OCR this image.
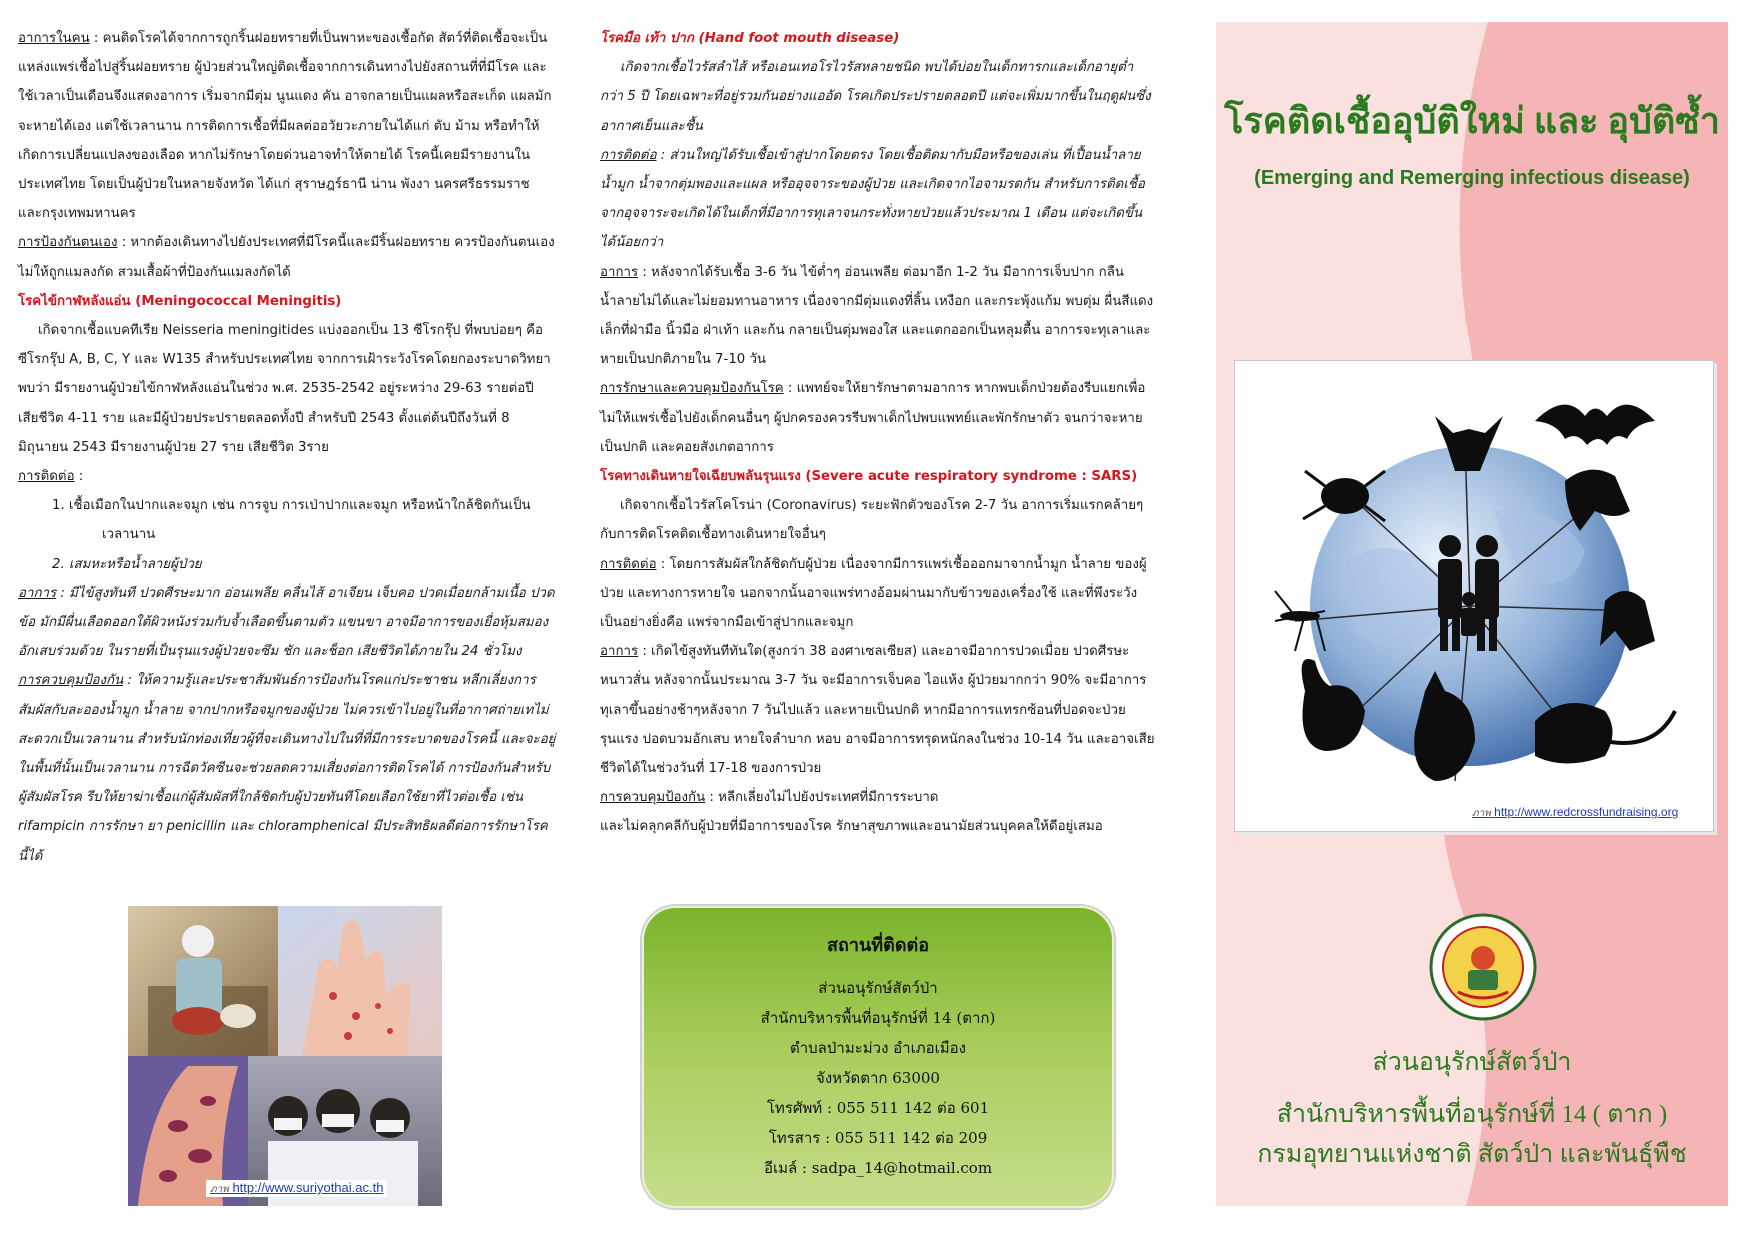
อาการในคน : คนติดโรคได้จากการถูกริ้นฝอยทรายที่เป็นพาหะของเชื้อกัด สัตว์ที่ติดเชื้อจะเป็นแหล่งแพร่เชื้อไปสู่ริ้นฝอยทราย ผู้ป่วยส่วนใหญ่ติดเชื้อจากการเดินทางไปยังสถานที่ที่มีโรค และใช้เวลาเป็นเดือนจึงแสดงอาการ เริ่มจากมีตุ่ม นูนแดง คัน อาจกลายเป็นแผลหรือสะเก็ด แผลมักจะหายได้เอง แต่ใช้เวลานาน การติดการเชื้อที่มีผลต่ออวัยวะภายในได้แก่ ตับ ม้าม หรือทำให้เกิดการเปลี่ยนแปลงของเลือด หากไม่รักษาโดยด่วนอาจทำให้ตายได้ โรคนี้เคยมีรายงานในประเทศไทย โดยเป็นผู้ป่วยในหลายจังหวัด ได้แก่ สุราษฎร์ธานี น่าน พังงา นครศรีธรรมราช และกรุงเทพมหานคร

การป้องกันตนเอง : หากต้องเดินทางไปยังประเทศที่มีโรคนี้และมีริ้นฝอยทราย ควรป้องกันตนเองไม่ให้ถูกแมลงกัด สวมเสื้อผ้าที่ป้องกันแมลงกัดได้

โรคไข้กาฬหลังแอ่น (Meningococcal Meningitis)

เกิดจากเชื้อแบคทีเรีย Neisseria meningitides แบ่งออกเป็น 13 ซีโรกรุ๊ป ที่พบบ่อยๆ คือ ซีโรกรุ๊ป A, B, C, Y และ W135 สำหรับประเทศไทย จากการเฝ้าระวังโรคโดยกองระบาดวิทยาพบว่า มีรายงานผู้ป่วยไข้กาฬหลังแอ่นในช่วง พ.ศ. 2535-2542 อยู่ระหว่าง 29-63 รายต่อปี เสียชีวิต 4-11 ราย และมีผู้ป่วยประปรายตลอดทั้งปี สำหรับปี 2543 ตั้งแต่ต้นปีถึงวันที่ 8 มิถุนายน 2543 มีรายงานผู้ป่วย 27 ราย เสียชีวิต 3ราย

การติดต่อ :

1. เชื้อเมือกในปากและจมูก เช่น การจูบ การเป่าปากและจมูก หรือหน้าใกล้ชิดกันเป็น

เวลานาน

2. เสมหะหรือน้ำลายผู้ป่วย

อาการ : มีไข้สูงทันที ปวดศีรษะมาก อ่อนเพลีย คลื่นไส้ อาเจียน เจ็บคอ ปวดเมื่อยกล้ามเนื้อ ปวดข้อ มักมีผื่นเลือดออกใต้ผิวหนังร่วมกับจ้ำเลือดขึ้นตามตัว แขนขา อาจมีอาการของเยื่อหุ้มสมองอักเสบร่วมด้วย ในรายที่เป็นรุนแรงผู้ป่วยจะซึม ชัก และช็อก เสียชีวิตได้ภายใน 24 ชั่วโมง

การควบคุมป้องกัน : ให้ความรู้และประชาสัมพันธ์การป้องกันโรคแก่ประชาชน หลีกเลี่ยงการสัมผัสกับละอองน้ำมูก น้ำลาย จากปากหรือจมูกของผู้ป่วย ไม่ควรเข้าไปอยู่ในที่อากาศถ่ายเทไม่สะดวกเป็นเวลานาน สำหรับนักท่องเที่ยวผู้ที่จะเดินทางไปในที่ที่มีการระบาดของโรคนี้ และจะอยู่ในพื้นที่นั้นเป็นเวลานาน การฉีดวัคซีนจะช่วยลดความเสี่ยงต่อการติดโรคได้ การป้องกันสำหรับผู้สัมผัสโรค รีบให้ยาฆ่าเชื้อแก่ผู้สัมผัสที่ใกล้ชิดกับผู้ป่วยทันทีโดยเลือกใช้ยาที่ไวต่อเชื้อ เช่น rifampicin การรักษา ยา penicillin และ chloramphenical มีประสิทธิผลดีต่อการรักษาโรคนี้ได้

โรคมือ เท้า ปาก (Hand foot mouth disease)

เกิดจากเชื้อไวรัสลำไส้ หรือเอนเทอโรไวรัสหลายชนิด พบได้บ่อยในเด็กทารกและเด็กอายุต่ำกว่า 5 ปี โดยเฉพาะที่อยู่รวมกันอย่างแออัด โรคเกิดประปรายตลอดปี แต่จะเพิ่มมากขึ้นในฤดูฝนซึ่งอากาศเย็นและชื้น

การติดต่อ : ส่วนใหญ่ได้รับเชื้อเข้าสู่ปากโดยตรง โดยเชื้อติดมากับมือหรือของเล่น ที่เปื้อนน้ำลาย น้ำมูก น้ำจากตุ่มพองและแผล หรืออุจจาระของผู้ป่วย และเกิดจากไอจามรดกัน สำหรับการติดเชื้อจากอุจจาระจะเกิดได้ในเด็กที่มีอาการทุเลาจนกระทั่งหายป่วยแล้วประมาณ 1 เดือน แต่จะเกิดขึ้นได้น้อยกว่า

อาการ : หลังจากได้รับเชื้อ 3-6 วัน ไข้ต่ำๆ อ่อนเพลีย ต่อมาอีก 1-2 วัน มีอาการเจ็บปาก กลืนน้ำลายไม่ได้และไม่ยอมทานอาหาร เนื่องจากมีตุ่มแดงที่ลิ้น เหงือก และกระพุ้งแก้ม พบตุ่ม ผื่นสีแดงเล็กที่ฝ่ามือ นิ้วมือ ฝ่าเท้า และก้น กลายเป็นตุ่มพองใส และแตกออกเป็นหลุมตื้น อาการจะทุเลาและหายเป็นปกติภายใน 7-10 วัน

การรักษาและควบคุมป้องกันโรค : แพทย์จะให้ยารักษาตามอาการ หากพบเด็กป่วยต้องรีบแยกเพื่อไม่ให้แพร่เชื้อไปยังเด็กคนอื่นๆ ผู้ปกครองควรรีบพาเด็กไปพบแพทย์และพักรักษาตัว จนกว่าจะหายเป็นปกติ และคอยสังเกตอาการ

โรคทางเดินหายใจเฉียบพลันรุนแรง (Severe acute respiratory syndrome : SARS)

เกิดจากเชื้อไวรัสโคโรน่า (Coronavirus) ระยะฟักตัวของโรค 2-7 วัน อาการเริ่มแรกคล้ายๆกับการติดโรคติดเชื้อทางเดินหายใจอื่นๆ

การติดต่อ : โดยการสัมผัสใกล้ชิดกับผู้ป่วย เนื่องจากมีการแพร่เชื้อออกมาจากน้ำมูก น้ำลาย ของผู้ป่วย และทางการหายใจ นอกจากนั้นอาจแพร่ทางอ้อมผ่านมากับข้าวของเครื่องใช้ และที่พึงระวังเป็นอย่างยิ่งคือ แพร่จากมือเข้าสู่ปากและจมูก

อาการ : เกิดไข้สูงทันทีทันใด(สูงกว่า 38 องศาเซลเซียส) และอาจมีอาการปวดเมื่อย ปวดศีรษะ หนาวสั่น หลังจากนั้นประมาณ 3-7 วัน จะมีอาการเจ็บคอ ไอแห้ง ผู้ป่วยมากกว่า 90% จะมีอาการทุเลาขึ้นอย่างช้าๆหลังจาก 7 วันไปแล้ว และหายเป็นปกติ หากมีอาการแทรกซ้อนที่ปอดจะป่วยรุนแรง ปอดบวมอักเสบ หายใจลำบาก หอบ อาจมีอาการทรุดหนักลงในช่วง 10-14 วัน และอาจเสียชีวิตได้ในช่วงวันที่ 17-18 ของการป่วย

การควบคุมป้องกัน : หลีกเลี่ยงไม่ไปยังประเทศที่มีการระบาด

และไม่คลุกคลีกับผู้ป่วยที่มีอาการของโรค รักษาสุขภาพและอนามัยส่วนบุคคลให้ดีอยู่เสมอ

ภาพ http://www.suriyothai.ac.th
สถานที่ติดต่อ
ส่วนอนุรักษ์สัตว์ป่า
สำนักบริหารพื้นที่อนุรักษ์ที่ 14 (ตาก)
ตำบลป่ามะม่วง อำเภอเมือง
จังหวัดตาก 63000
โทรศัพท์ : 055 511 142 ต่อ 601
โทรสาร : 055 511 142 ต่อ 209
อีเมล์ : sadpa_14@hotmail.com
โรคติดเชื้ออุบัติใหม่ และ อุบัติซ้ำ
(Emerging and Remerging infectious disease)
ภาพ http://www.redcrossfundraising.org
ส่วนอนุรักษ์สัตว์ป่า
สำนักบริหารพื้นที่อนุรักษ์ที่ 14 ( ตาก )
กรมอุทยานแห่งชาติ สัตว์ป่า และพันธุ์พืช
